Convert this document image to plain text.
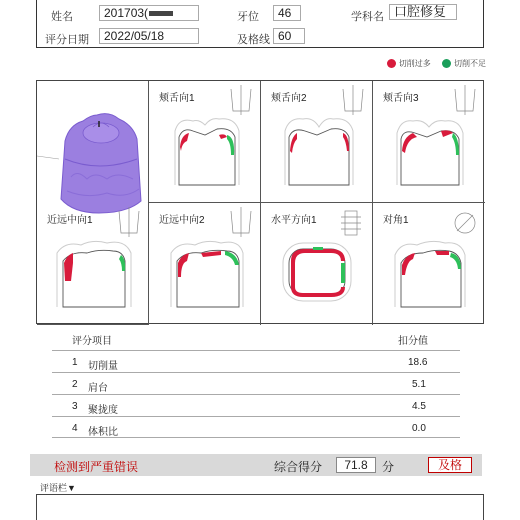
姓名	201703(	牙位	46	学科名 口腔修复
评分日期	2022/05/18	及格线 60
切削过多	切削不足
颊舌向1	颊舌向2	颊舌向3
近远中向1	近远中向2	水平方向1	对角1
评分项目	扣分值
1 切削量	18.6
2 肩台	5.1
3 聚拢度	4.5
4 体积比	0.0
检测到严重错误	综合得分	71.8	分	及格
评语栏▼
